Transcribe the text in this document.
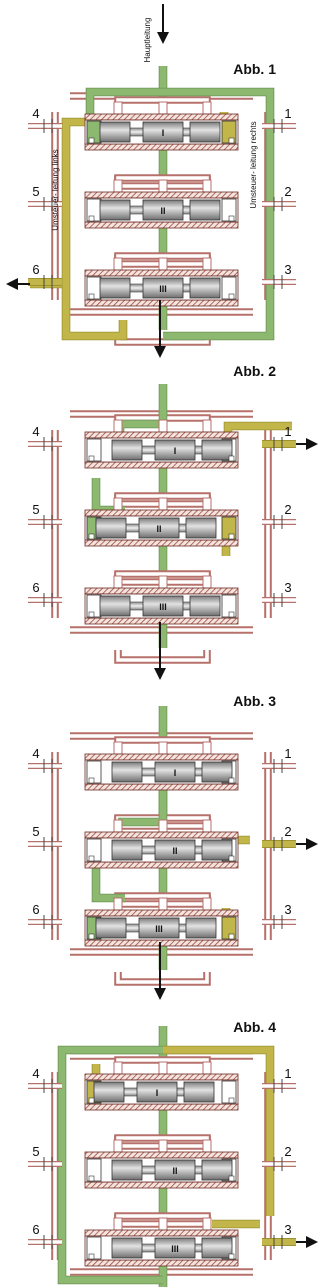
Abb. 1
I
II
III
4
5
6
1
2
3
Hauptleitung
Umsteuer- leitung links	Umsteuer- leitung rechts
Abb. 2
I
II
III
4
5
6
1
2
3
Abb. 3
I
II
III
4
5
6
1
2
3
Abb. 4
I
II
III
4
5
6
1
2
3
